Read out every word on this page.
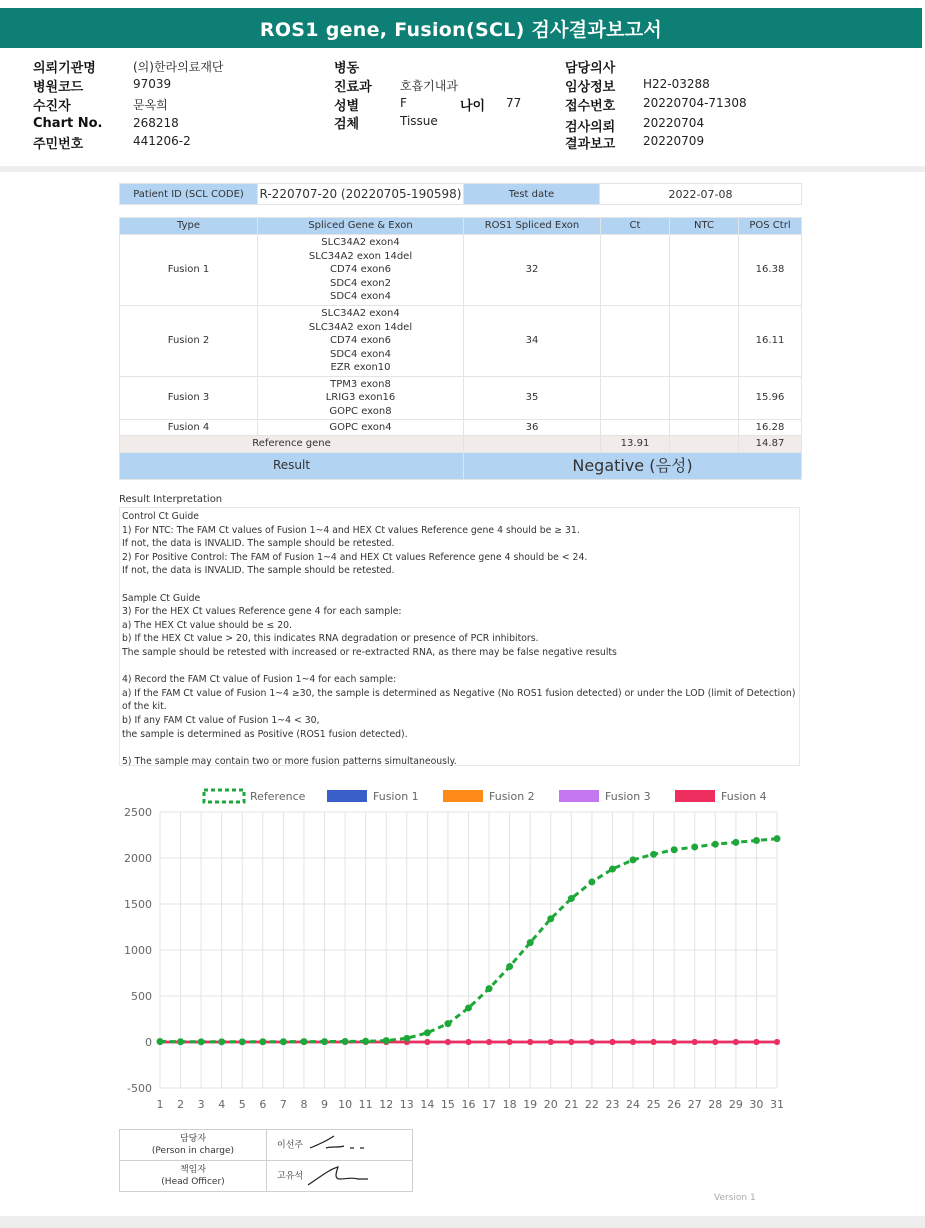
ROS1 gene, Fusion(SCL) 검사결과보고서
의뢰기관명	(의)한라의료재단
병원코드	97039
수진자	문옥희
Chart No.	268218
주민번호	441206-2
병동
진료과 호흡기내과
성별	F
검체	Tissue
나이 77
담당의사
임상정보 H22-03288
접수번호 20220704-71308
검사의뢰 20220704
결과보고 20220709
Patient ID (SCL CODE)	R-220707-20 (20220705-190598)	Test date	2022-07-08
Type	Spliced Gene & Exon	ROS1 Spliced Exon	Ct	NTC	POS Ctrl
Fusion 1	SLC34A2 exon4
SLC34A2 exon 14del
CD74 exon6
SDC4 exon2
SDC4 exon4	32			16.38
Fusion 2	SLC34A2 exon4
SLC34A2 exon 14del
CD74 exon6
SDC4 exon4
EZR exon10	34			16.11
Fusion 3	TPM3 exon8
LRIG3 exon16
GOPC exon8	35			15.96
Fusion 4	GOPC exon4	36			16.28
Reference gene			13.91		14.87
Result		Negative (음성)			
Result Interpretation
Control Ct Guide
1) For NTC: The FAM Ct values of Fusion 1~4 and HEX Ct values Reference gene 4 should be ≥ 31.
If not, the data is INVALID. The sample should be retested.
2) For Positive Control: The FAM of Fusion 1~4 and HEX Ct values Reference gene 4 should be < 24.
If not, the data is INVALID. The sample should be retested.
Sample Ct Guide
3) For the HEX Ct values Reference gene 4 for each sample:
a) The HEX Ct value should be ≤ 20.
b) If the HEX Ct value > 20, this indicates RNA degradation or presence of PCR inhibitors.
The sample should be retested with increased or re-extracted RNA, as there may be false negative results
4) Record the FAM Ct value of Fusion 1~4 for each sample:
a) If the FAM Ct value of Fusion 1~4 ≥30, the sample is determined as Negative (No ROS1 fusion detected) or under the LOD (limit of Detection) of the kit.
b) If any FAM Ct value of Fusion 1~4 < 30,
the sample is determined as Positive (ROS1 fusion detected).
5) The sample may contain two or more fusion patterns simultaneously.
2500
2000
1500
1000
500
0
-500
1 2 3 4 5 6 7 8 9 10 11 12 13 14 15 16 17 18 19 20 21 22 23 24 25 26 27 28 29 30 31
Reference	Fusion 1	Fusion 2	Fusion 3	Fusion 4
담당자
(Person in charge)	이선주

책임자
(Head Officer)	고유석
Version 1
